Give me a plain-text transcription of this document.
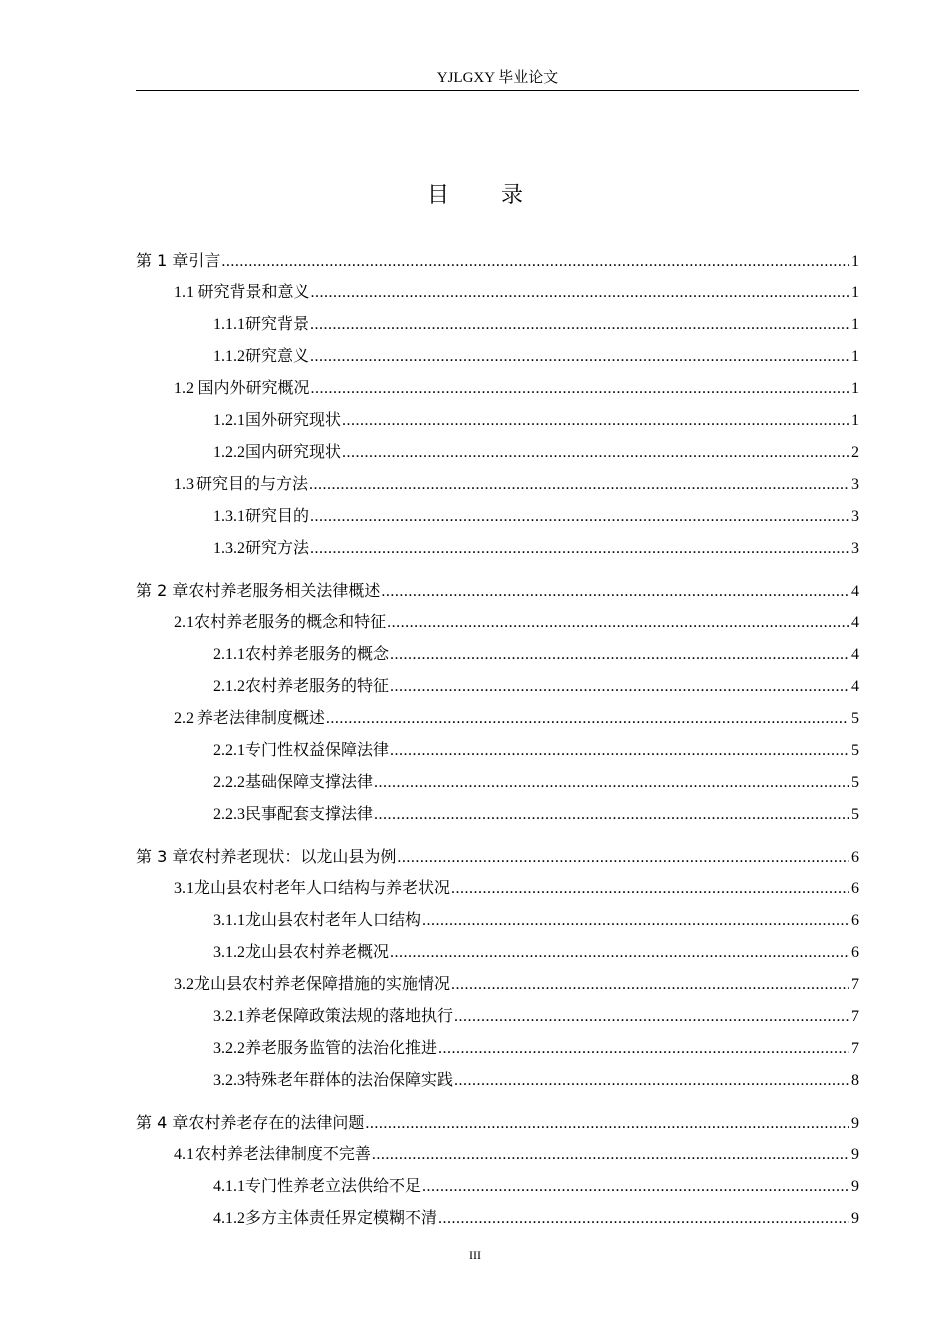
YJLGXY 毕业论文
目录
第 1 章 引言 .....	1
1.1 研究背景和意义 .....	1
1.1.1 研究背景 .....	1
1.1.2 研究意义 .....	1
1.2 国内外研究概况 .....	1
1.2.1 国外研究现状 .....	1
1.2.2 国内研究现状 .....	2
1.3 研究目的与方法 .....	3
1.3.1 研究目的 .....	3
1.3.2 研究方法 .....	3
第 2 章 农村养老服务相关法律概述 .....	4
2.1 农村养老服务的概念和特征 .....	4
2.1.1 农村养老服务的概念 .....	4
2.1.2 农村养老服务的特征 .....	4
2.2 养老法律制度概述 .....	5
2.2.1 专门性权益保障法律 .....	5
2.2.2 基础保障支撑法律 .....	5
2.2.3 民事配套支撑法律 .....	5
第 3 章 农村养老现状：以龙山县为例 .....	6
3.1 龙山县农村老年人口结构与养老状况 .....	6
3.1.1 龙山县农村老年人口结构 .....	6
3.1.2 龙山县农村养老概况 .....	6
3.2 龙山县农村养老保障措施的实施情况 .....	7
3.2.1 养老保障政策法规的落地执行 .....	7
3.2.2 养老服务监管的法治化推进 .....	7
3.2.3 特殊老年群体的法治保障实践 .....	8
第 4 章 农村养老存在的法律问题 .....	9
4.1 农村养老法律制度不完善 .....	9
4.1.1 专门性养老立法供给不足 .....	9
4.1.2 多方主体责任界定模糊不清 .....	9
III
